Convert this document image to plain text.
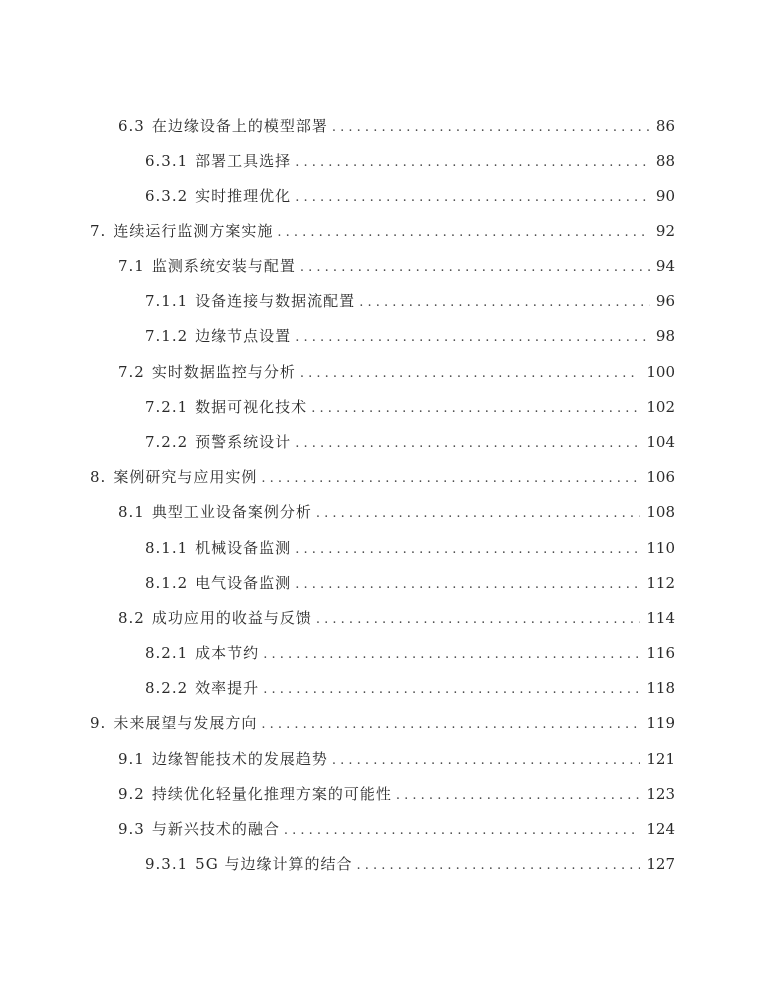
6.3 在边缘设备上的模型部署 . . .	86
6.3.1 部署工具选择 . . .	88
6.3.2 实时推理优化 . . .	90
7. 连续运行监测方案实施 . . .	92
7.1 监测系统安装与配置 . . .	94
7.1.1 设备连接与数据流配置 . . .	96
7.1.2 边缘节点设置 . . .	98
7.2 实时数据监控与分析 . . .	100
7.2.1 数据可视化技术 . . .	102
7.2.2 预警系统设计 . . .	104
8. 案例研究与应用实例 . . .	106
8.1 典型工业设备案例分析 . . .	108
8.1.1 机械设备监测 . . .	110
8.1.2 电气设备监测 . . .	112
8.2 成功应用的收益与反馈 . . .	114
8.2.1 成本节约 . . .	116
8.2.2 效率提升 . . .	118
9. 未来展望与发展方向 . . .	119
9.1 边缘智能技术的发展趋势 . . .	121
9.2 持续优化轻量化推理方案的可能性 . . .	123
9.3 与新兴技术的融合 . . .	124
9.3.1 5G 与边缘计算的结合 . . .	127
